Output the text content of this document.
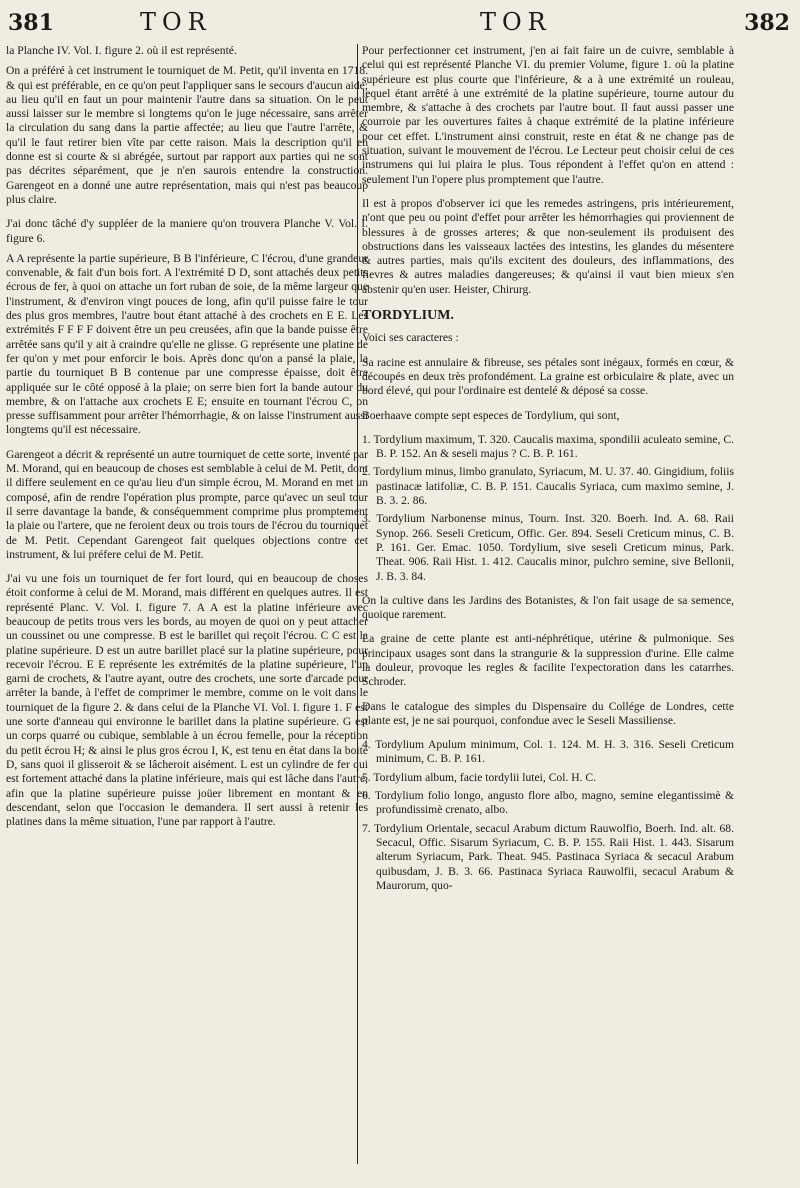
381	TOR	TOR	382

la Planche IV. Vol. I. figure 2. où il est représenté.

On a préféré à cet instrument le tourniquet de M. Petit, qu'il inventa en 1718. & qui est préférable, en ce qu'on peut l'appliquer sans le secours d'aucun aide; au lieu qu'il en faut un pour maintenir l'autre dans sa situation. On le peut aussi laisser sur le membre si longtems qu'on le juge nécessaire, sans arrêter la circulation du sang dans la partie affectée; au lieu que l'autre l'arrête, & qu'il le faut retirer bien vîte par cette raison. Mais la description qu'il en donne est si courte & si abrégée, surtout par rapport aux parties qui ne sont pas décrites séparément, que je n'en saurois entendre la construction. Garengeot en a donné une autre représentation, mais qui n'est pas beaucoup plus claire.

J'ai donc tâché d'y suppléer de la maniere qu'on trouvera Planche V. Vol. I. figure 6.

A A représente la partie supérieure, B B l'inférieure, C l'écrou, d'une grandeur convenable, & fait d'un bois fort. A l'extrémité D D, sont attachés deux petits écrous de fer, à quoi on attache un fort ruban de soie, de la même largeur que l'instrument, & d'environ vingt pouces de long, afin qu'il puisse faire le tour des plus gros membres, l'autre bout étant attaché à des crochets en E E. Les extrémités F F F F doivent être un peu creusées, afin que la bande puisse être arrêtée sans qu'il y ait à craindre qu'elle ne glisse. G représente une platine de fer qu'on y met pour enforcir le bois. Après donc qu'on a pansé la plaie, la partie du tourniquet B B contenue par une compresse épaisse, doit être appliquée sur le côté opposé à la plaie; on serre bien fort la bande autour du membre, & on l'attache aux crochets E E; ensuite en tournant l'écrou C, on presse suffisamment pour arrêter l'hémorrhagie, & on laisse l'instrument aussi longtems qu'il est nécessaire.

Garengeot a décrit & représenté un autre tourniquet de cette sorte, inventé par M. Morand, qui en beaucoup de choses est semblable à celui de M. Petit, dont il differe seulement en ce qu'au lieu d'un simple écrou, M. Morand en met un composé, afin de rendre l'opération plus prompte, parce qu'avec un seul tour il serre davantage la bande, & conséquemment comprime plus promptement la plaie ou l'artere, que ne feroient deux ou trois tours de l'écrou du tourniquet de M. Petit. Cependant Garengeot fait quelques objections contre cet instrument, & lui préfere celui de M. Petit.

J'ai vu une fois un tourniquet de fer fort lourd, qui en beaucoup de choses étoit conforme à celui de M. Morand, mais différent en quelques autres. Il est représenté Planc. V. Vol. I. figure 7. A A est la platine inférieure avec beaucoup de petits trous vers les bords, au moyen de quoi on y peut attacher un coussinet ou une compresse. B est le barillet qui reçoit l'écrou. C C est la platine supérieure. D est un autre barillet placé sur la platine supérieure, pour recevoir l'écrou. E E représente les extrémités de la platine supérieure, l'un garni de crochets, & l'autre ayant, outre des crochets, une sorte d'arcade pour arrêter la bande, à l'effet de comprimer le membre, comme on le voit dans le tourniquet de la figure 2. & dans celui de la Planche VI. Vol. I. figure 1. F est une sorte d'anneau qui environne le barillet dans la platine supérieure. G est un corps quarré ou cubique, semblable à un écrou femelle, pour la réception du petit écrou H; & ainsi le plus gros écrou I, K, est tenu en état dans la boite D, sans quoi il glisseroit & se lâcheroit aisément. L est un cylindre de fer qui est fortement attaché dans la platine inférieure, mais qui est lâche dans l'autre, afin que la platine supérieure puisse joüer librement en montant & en descendant, selon que l'occasion le demandera. Il sert aussi à retenir les platines dans la même situation, l'une par rapport à l'autre.

Pour perfectionner cet instrument, j'en ai fait faire un de cuivre, semblable à celui qui est représenté Planche VI. du premier Volume, figure 1. où la platine supérieure est plus courte que l'inférieure, & a à une extrémité un rouleau, lequel étant arrêté à une extrémité de la platine supérieure, tourne autour du membre, & s'attache à des crochets par l'autre bout. Il faut aussi passer une courroie par les ouvertures faites à chaque extrémité de la platine inférieure pour cet effet. L'instrument ainsi construit, reste en état & ne change pas de situation, suivant le mouvement de l'écrou. Le Lecteur peut choisir celui de ces instrumens qui lui plaira le plus. Tous répondent à l'effet qu'on en attend : seulement l'un l'opere plus promptement que l'autre.

Il est à propos d'observer ici que les remedes astringens, pris intérieurement, n'ont que peu ou point d'effet pour arrêter les hémorrhagies qui proviennent de blessures à de grosses arteres; & que non-seulement ils produisent des obstructions dans les vaisseaux lactées des intestins, les glandes du mésentere & autres parties, mais qu'ils excitent des douleurs, des inflammations, des fievres & autres maladies dangereuses; & qu'ainsi il vaut bien mieux s'en abstenir qu'en user. Heister, Chirurg.

TORDYLIUM.

Voici ses caracteres :

Sa racine est annulaire & fibreuse, ses pétales sont inégaux, formés en cœur, & découpés en deux très profondément. La graine est orbiculaire & plate, avec un bord élevé, qui pour l'ordinaire est dentelé & déposé sa cosse.

Boerhaave compte sept especes de Tordylium, qui sont,

1. Tordylium maximum, T. 320. Caucalis maxima, spondilii aculeato semine, C. B. P. 152. An & seseli majus ? C. B. P. 161.

2. Tordylium minus, limbo granulato, Syriacum, M. U. 37. 40. Gingidium, foliis pastinacæ latifoliæ, C. B. P. 151. Caucalis Syriaca, cum maximo semine, J. B. 3. 2. 86.

3. Tordylium Narbonense minus, Tourn. Inst. 320. Boerh. Ind. A. 68. Raii Synop. 266. Seseli Creticum, Offic. Ger. 894. Seseli Creticum minus, C. B. P. 161. Ger. Emac. 1050. Tordylium, sive seseli Creticum minus, Park. Theat. 906. Raii Hist. 1. 412. Caucalis minor, pulchro semine, sive Bellonii, J. B. 3. 84.

On la cultive dans les Jardins des Botanistes, & l'on fait usage de sa semence, quoique rarement.

La graine de cette plante est anti-néphrétique, utérine & pulmonique. Ses principaux usages sont dans la strangurie & la suppression d'urine. Elle calme la douleur, provoque les regles & facilite l'expectoration dans les catarrhes. Schroder.

Dans le catalogue des simples du Dispensaire du Collége de Londres, cette plante est, je ne sai pourquoi, confondue avec le Seseli Massiliense.

4. Tordylium Apulum minimum, Col. 1. 124. M. H. 3. 316. Seseli Creticum minimum, C. B. P. 161.

5. Tordylium album, facie tordylii lutei, Col. H. C.

6. Tordylium folio longo, angusto flore albo, magno, semine elegantissimè & profundissimè crenato, albo.

7. Tordylium Orientale, secacul Arabum dictum Rauwolfio, Boerh. Ind. alt. 68. Secacul, Offic. Sisarum Syriacum, C. B. P. 155. Raii Hist. 1. 443. Sisarum alterum Syriacum, Park. Theat. 945. Pastinaca Syriaca & secacul Arabum quibusdam, J. B. 3. 66. Pastinaca Syriaca Rauwolfii, secacul Arabum & Maurorum, quo-
